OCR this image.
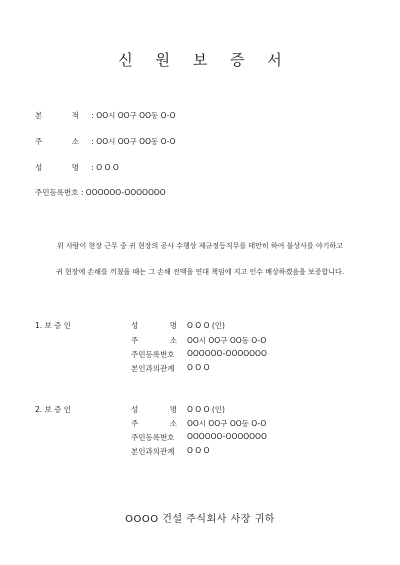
신 원 보 증 서
본	적 : OO시 OO구 OO동 O-O
주	소 : OO시 OO구 OO동 O-O
성	명 : O O O
주민등록번호 : OOOOOO-OOOOOOO
위 사람이 현장 근무 중 귀 현장의 공사 수행상 제규정등직무를 태만히 하여 불상사를 야기하고
귀 현장에 손해를 끼쳤을 때는 그 손해 전액을 연대 책임에 지고 인수 배상하겠음을 보증합니다.
1. 보 증 인	성	명 O O O (인)
주	소 OO시 OO구 OO동 O-O
주민등록번호 OOOOOO-OOOOOOO
본인과의관계 O O O
2. 보 증 인	성	명 O O O (인)
주	소 OO시 OO구 OO동 O-O
주민등록번호 OOOOOO-OOOOOOO
본인과의관계 O O O
OOOO 건설 주식회사 사장 귀하
